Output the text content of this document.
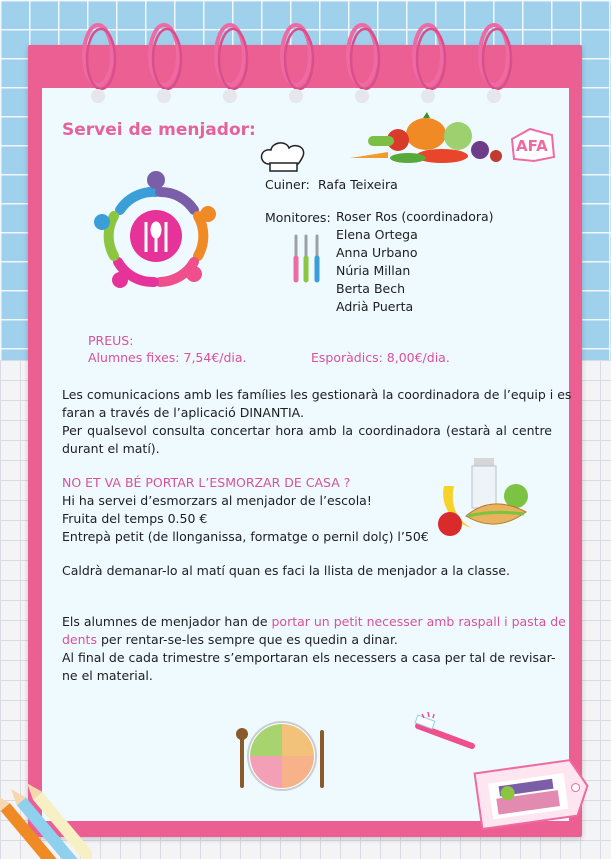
Servei de menjador:
AFA
Cuiner: Rafa Teixeira
Monitores: Roser Ros (coordinadora)
Elena Ortega
Anna Urbano
Núria Millan
Berta Bech
Adrià Puerta
PREUS:
Alumnes fixes: 7,54€/dia.	Esporàdics: 8,00€/dia.
Les comunicacions amb les famílies les gestionarà la coordinadora de l’equip i es
faran a través de l’aplicació DINANTIA.
Per qualsevol consulta concertar hora amb la coordinadora (estarà al centre
durant el matí).
NO ET VA BÉ PORTAR L’ESMORZAR DE CASA ?
Hi ha servei d’esmorzars al menjador de l’escola!
Fruita del temps 0.50 €
Entrepà petit (de llonganissa, formatge o pernil dolç) l’50€
Caldrà demanar-lo al matí quan es faci la llista de menjador a la classe.
Els alumnes de menjador han de portar un petit necesser amb raspall i pasta de
dents per rentar-se-les sempre que es quedin a dinar.
Al final de cada trimestre s’emportaran els necessers a casa per tal de revisar-
ne el material.
